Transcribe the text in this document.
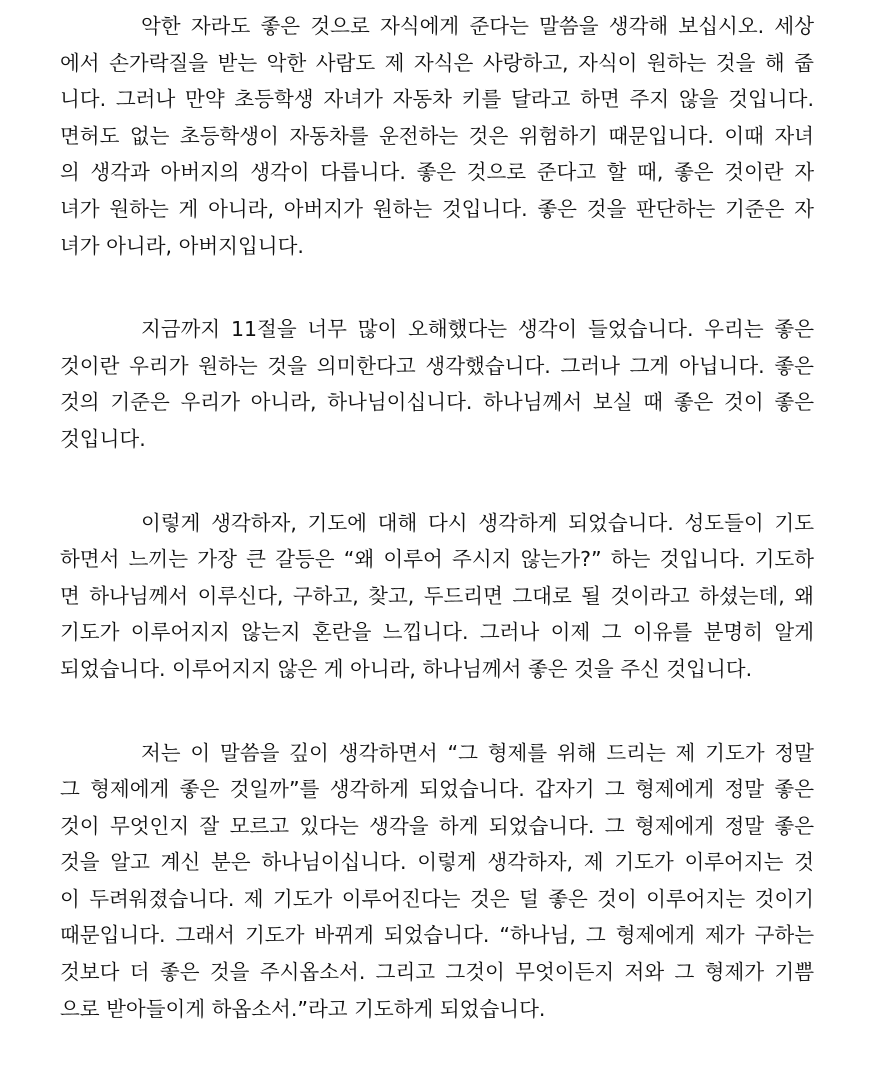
악한 자라도 좋은 것으로 자식에게 준다는 말씀을 생각해 보십시오. 세상
에서 손가락질을 받는 악한 사람도 제 자식은 사랑하고, 자식이 원하는 것을 해 줍
니다. 그러나 만약 초등학생 자녀가 자동차 키를 달라고 하면 주지 않을 것입니다.
면허도 없는 초등학생이 자동차를 운전하는 것은 위험하기 때문입니다. 이때 자녀
의 생각과 아버지의 생각이 다릅니다. 좋은 것으로 준다고 할 때, 좋은 것이란 자
녀가 원하는 게 아니라, 아버지가 원하는 것입니다. 좋은 것을 판단하는 기준은 자
녀가 아니라, 아버지입니다.
지금까지 11절을 너무 많이 오해했다는 생각이 들었습니다. 우리는 좋은
것이란 우리가 원하는 것을 의미한다고 생각했습니다. 그러나 그게 아닙니다. 좋은
것의 기준은 우리가 아니라, 하나님이십니다. 하나님께서 보실 때 좋은 것이 좋은
것입니다.
이렇게 생각하자, 기도에 대해 다시 생각하게 되었습니다. 성도들이 기도
하면서 느끼는 가장 큰 갈등은 “왜 이루어 주시지 않는가?” 하는 것입니다. 기도하
면 하나님께서 이루신다, 구하고, 찾고, 두드리면 그대로 될 것이라고 하셨는데, 왜
기도가 이루어지지 않는지 혼란을 느낍니다. 그러나 이제 그 이유를 분명히 알게
되었습니다. 이루어지지 않은 게 아니라, 하나님께서 좋은 것을 주신 것입니다.
저는 이 말씀을 깊이 생각하면서 “그 형제를 위해 드리는 제 기도가 정말
그 형제에게 좋은 것일까”를 생각하게 되었습니다. 갑자기 그 형제에게 정말 좋은
것이 무엇인지 잘 모르고 있다는 생각을 하게 되었습니다. 그 형제에게 정말 좋은
것을 알고 계신 분은 하나님이십니다. 이렇게 생각하자, 제 기도가 이루어지는 것
이 두려워졌습니다. 제 기도가 이루어진다는 것은 덜 좋은 것이 이루어지는 것이기
때문입니다. 그래서 기도가 바뀌게 되었습니다. “하나님, 그 형제에게 제가 구하는
것보다 더 좋은 것을 주시옵소서. 그리고 그것이 무엇이든지 저와 그 형제가 기쁨
으로 받아들이게 하옵소서.”라고 기도하게 되었습니다.
